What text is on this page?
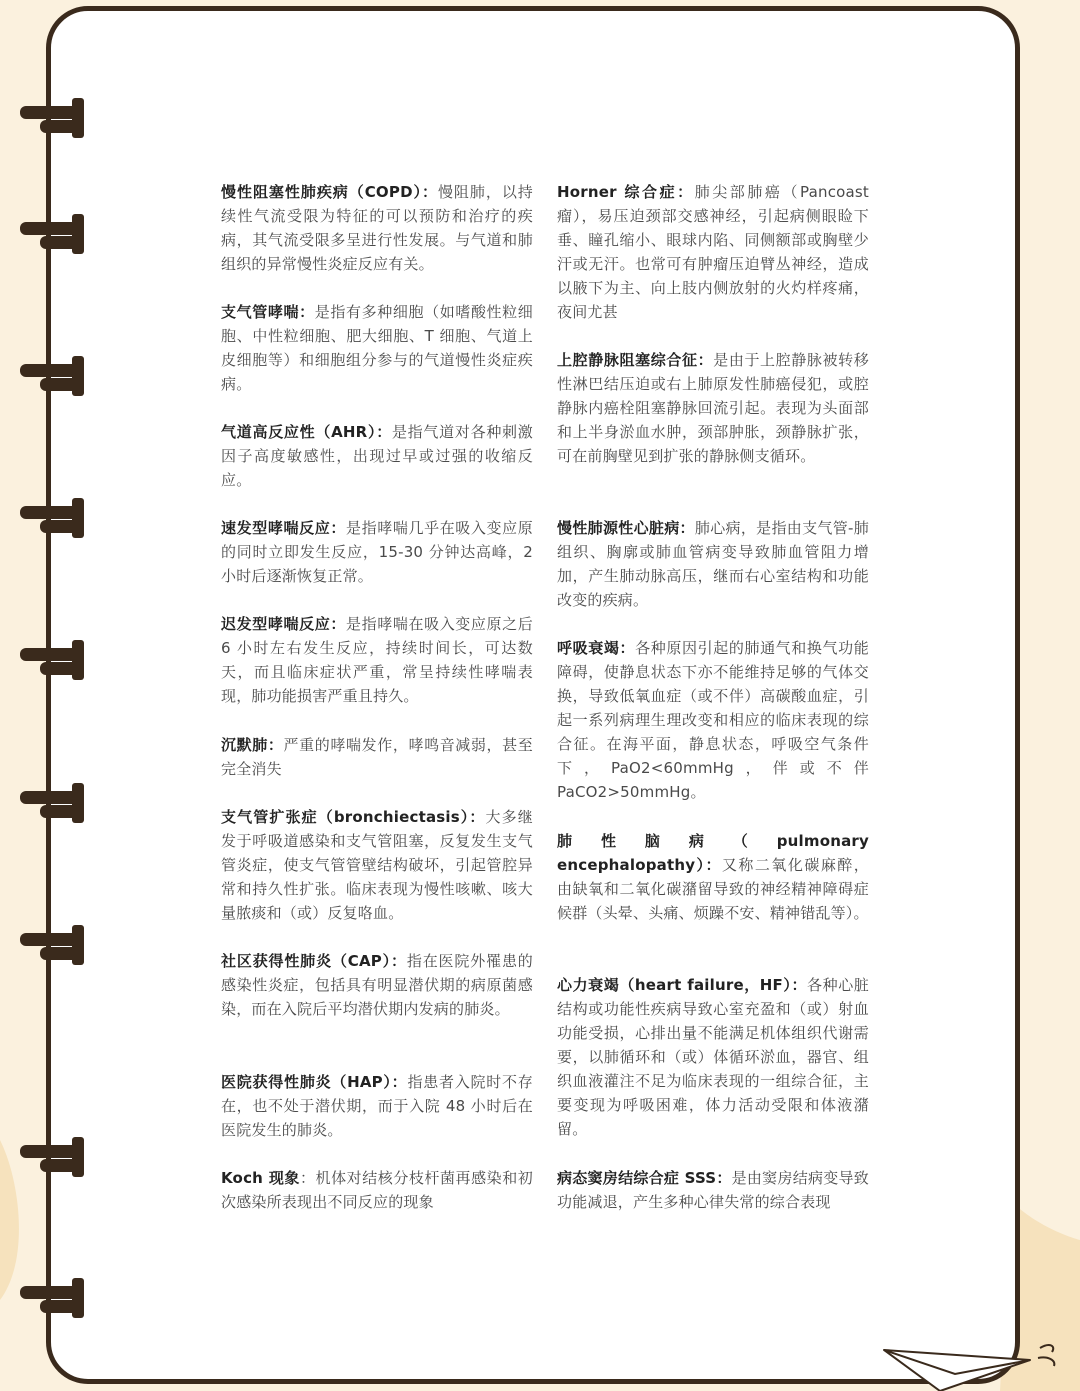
慢性阻塞性肺疾病（COPD）：慢阻肺，以持续性气流受限为特征的可以预防和治疗的疾病，其气流受限多呈进行性发展。与气道和肺组织的异常慢性炎症反应有关。
支气管哮喘：是指有多种细胞（如嗜酸性粒细胞、中性粒细胞、肥大细胞、T 细胞、气道上皮细胞等）和细胞组分参与的气道慢性炎症疾病。
气道高反应性（AHR）：是指气道对各种刺激因子高度敏感性，出现过早或过强的收缩反应。
速发型哮喘反应：是指哮喘几乎在吸入变应原的同时立即发生反应，15-30 分钟达高峰，2 小时后逐渐恢复正常。
迟发型哮喘反应：是指哮喘在吸入变应原之后 6 小时左右发生反应，持续时间长，可达数天，而且临床症状严重，常呈持续性哮喘表现，肺功能损害严重且持久。
沉默肺：严重的哮喘发作，哮鸣音减弱，甚至完全消失
支气管扩张症（bronchiectasis）：大多继发于呼吸道感染和支气管阻塞，反复发生支气管炎症，使支气管管壁结构破坏，引起管腔异常和持久性扩张。临床表现为慢性咳嗽、咳大量脓痰和（或）反复咯血。
社区获得性肺炎（CAP）：指在医院外罹患的感染性炎症，包括具有明显潜伏期的病原菌感染，而在入院后平均潜伏期内发病的肺炎。
医院获得性肺炎（HAP）：指患者入院时不存在，也不处于潜伏期，而于入院 48 小时后在医院发生的肺炎。
Koch 现象：机体对结核分枝杆菌再感染和初次感染所表现出不同反应的现象
Horner 综合症：肺尖部肺癌（Pancoast 瘤），易压迫颈部交感神经，引起病侧眼睑下垂、瞳孔缩小、眼球内陷、同侧额部或胸壁少汗或无汗。也常可有肿瘤压迫臂丛神经，造成以腋下为主、向上肢内侧放射的火灼样疼痛，夜间尤甚
上腔静脉阻塞综合征：是由于上腔静脉被转移性淋巴结压迫或右上肺原发性肺癌侵犯，或腔静脉内癌栓阻塞静脉回流引起。表现为头面部和上半身淤血水肿，颈部肿胀，颈静脉扩张，可在前胸壁见到扩张的静脉侧支循环。
慢性肺源性心脏病：肺心病，是指由支气管-肺组织、胸廓或肺血管病变导致肺血管阻力增加，产生肺动脉高压，继而右心室结构和功能改变的疾病。
呼吸衰竭：各种原因引起的肺通气和换气功能障碍，使静息状态下亦不能维持足够的气体交换，导致低氧血症（或不伴）高碳酸血症，引起一系列病理生理改变和相应的临床表现的综合征。在海平面，静息状态，呼吸空气条件下，PaO2<60mmHg，伴或不伴PaCO2>50mmHg。
肺性脑病（pulmonary encephalopathy）：又称二氧化碳麻醉，由缺氧和二氧化碳潴留导致的神经精神障碍症候群（头晕、头痛、烦躁不安、精神错乱等）。
心力衰竭（heart failure，HF）：各种心脏结构或功能性疾病导致心室充盈和（或）射血功能受损，心排出量不能满足机体组织代谢需要，以肺循环和（或）体循环淤血，器官、组织血液灌注不足为临床表现的一组综合征，主要变现为呼吸困难，体力活动受限和体液潴留。
病态窦房结综合症 SSS：是由窦房结病变导致功能减退，产生多种心律失常的综合表现
